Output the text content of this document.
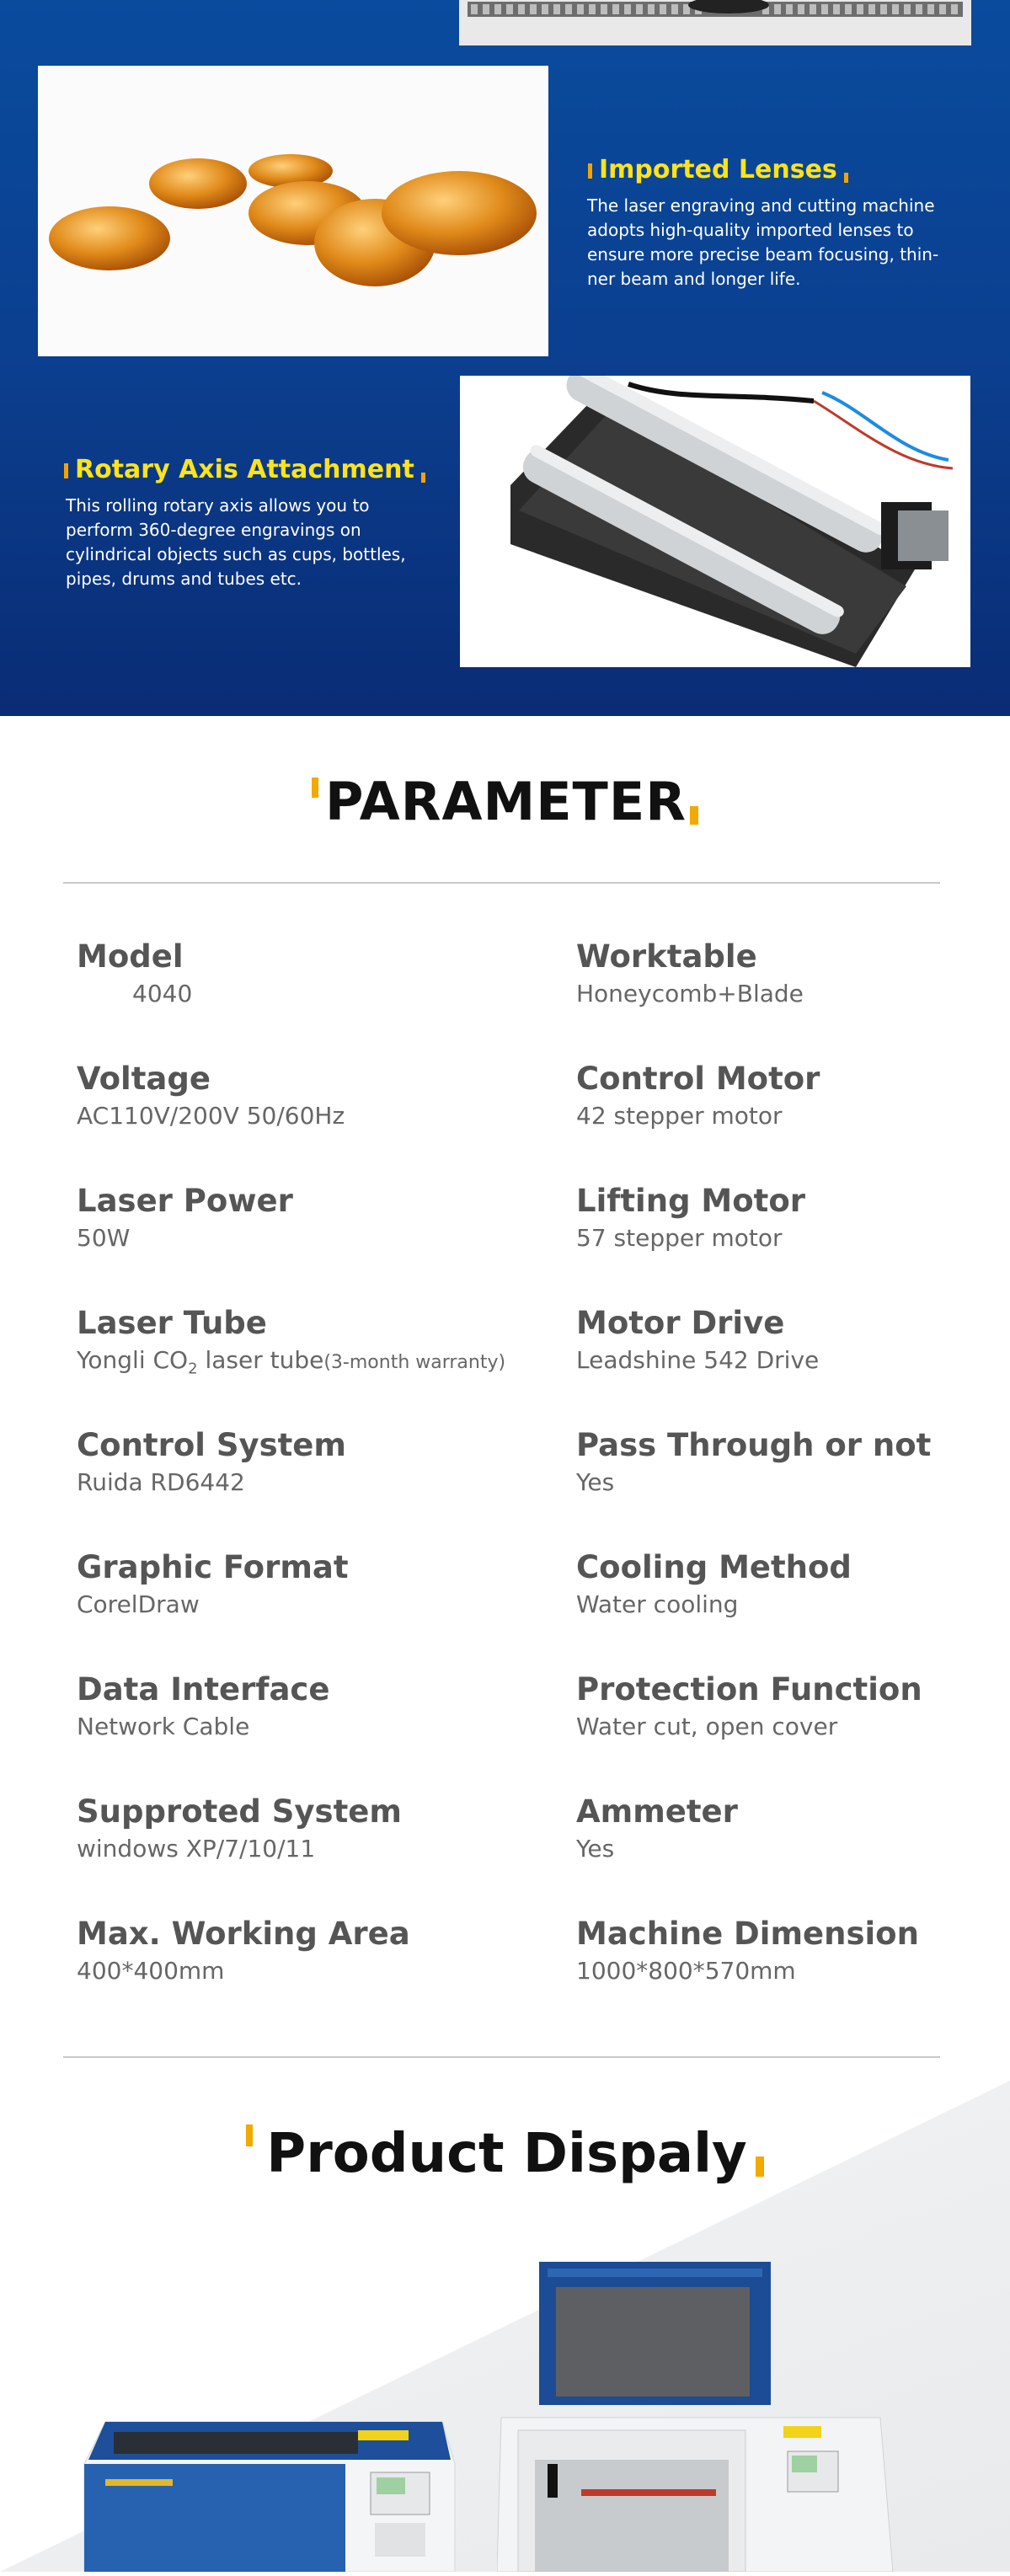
Imported Lenses
The laser engraving and cutting machine
adopts high-quality imported lenses to
ensure more precise beam focusing, thin-
ner beam and longer life.
Rotary Axis Attachment
This rolling rotary axis allows you to
perform 360-degree engravings on
cylindrical objects such as cups, bottles,
pipes, drums and tubes etc.
PARAMETER
Model
4040
Voltage
AC110V/200V 50/60Hz
Laser Power
50W
Laser Tube
Yongli $CO_2$ laser tube(3-month warranty)
Control System
Ruida RD6442
Graphic Format
CorelDraw
Data Interface
Network Cable
Supproted System
windows XP/7/10/11
Max. Working Area
400*400mm
Worktable
Honeycomb+Blade
Control Motor
42 stepper motor
Lifting Motor
57 stepper motor
Motor Drive
Leadshine 542 Drive
Pass Through or not
Yes
Cooling Method
Water cooling
Protection Function
Water cut, open cover
Ammeter
Yes
Machine Dimension
1000*800*570mm
Product Dispaly
